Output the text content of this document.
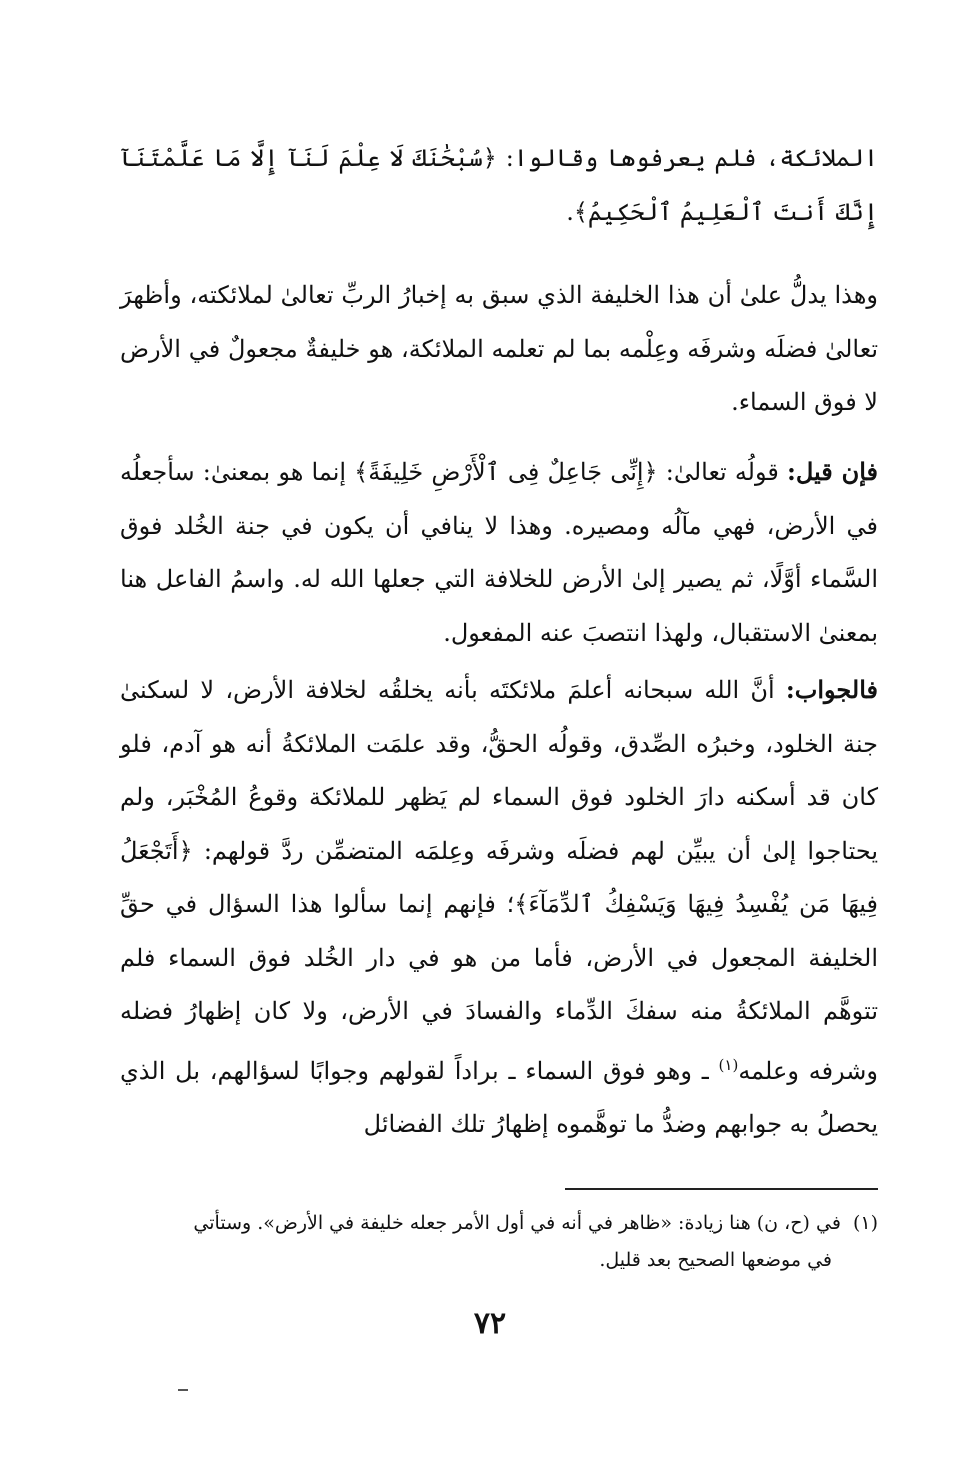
الملائكة، فلم يعرفوها وقالوا: ﴿سُبْحَٰنَكَ لَا عِلْمَ لَنَآ إِلَّا مَا عَلَّمْتَنَآ إِنَّكَ أَنتَ ٱلْعَلِيمُ ٱلْحَكِيمُ﴾.

وهذا يدلُّ علىٰ أن هذا الخليفة الذي سبق به إخبارُ الربِّ تعالىٰ لملائكته، وأظهرَ تعالىٰ فضلَه وشرفَه وعِلْمه بما لم تعلمه الملائكة، هو خليفةٌ مجعولٌ في الأرض لا فوق السماء.

فإن قيل: قولُه تعالىٰ: ﴿إِنِّى جَاعِلٌ فِى ٱلْأَرْضِ خَلِيفَةً﴾ إنما هو بمعنىٰ: سأجعلُه في الأرض، فهي مآلُه ومصيره. وهذا لا ينافي أن يكون في جنة الخُلد فوق السَّماء أوَّلًا، ثم يصير إلىٰ الأرض للخلافة التي جعلها الله له. واسمُ الفاعل هنا بمعنىٰ الاستقبال، ولهذا انتصبَ عنه المفعول.

فالجواب: أنَّ الله سبحانه أعلمَ ملائكتَه بأنه يخلقُه لخلافة الأرض، لا لسكنىٰ جنة الخلود، وخبرُه الصِّدق، وقولُه الحقُّ، وقد علمَت الملائكةُ أنه هو آدم، فلو كان قد أسكنه دارَ الخلود فوق السماء لم يَظهر للملائكة وقوعُ المُخْبَر، ولم يحتاجوا إلىٰ أن يبيِّن لهم فضلَه وشرفَه وعِلمَه المتضمِّن ردَّ قولهم: ﴿أَتَجْعَلُ فِيهَا مَن يُفْسِدُ فِيهَا وَيَسْفِكُ ٱلدِّمَآءَ﴾؛ فإنهم إنما سألوا هذا السؤال في حقِّ الخليفة المجعول في الأرض، فأما من هو في دار الخُلد فوق السماء فلم تتوهَّم الملائكةُ منه سفكَ الدِّماء والفسادَ في الأرض، ولا كان إظهارُ فضله وشرفه وعلمه$^{(١)}$ ـ وهو فوق السماء ـ براداً لقولهم وجوابًا لسؤالهم، بل الذي يحصلُ به جوابهم وضدُّ ما توهَّموه إظهارُ تلك الفضائل

(١)في (ح، ن) هنا زيادة: «ظاهر في أنه في أول الأمر جعله خليفة في الأرض». وستأتي
في موضعها الصحيح بعد قليل.
٧٢
